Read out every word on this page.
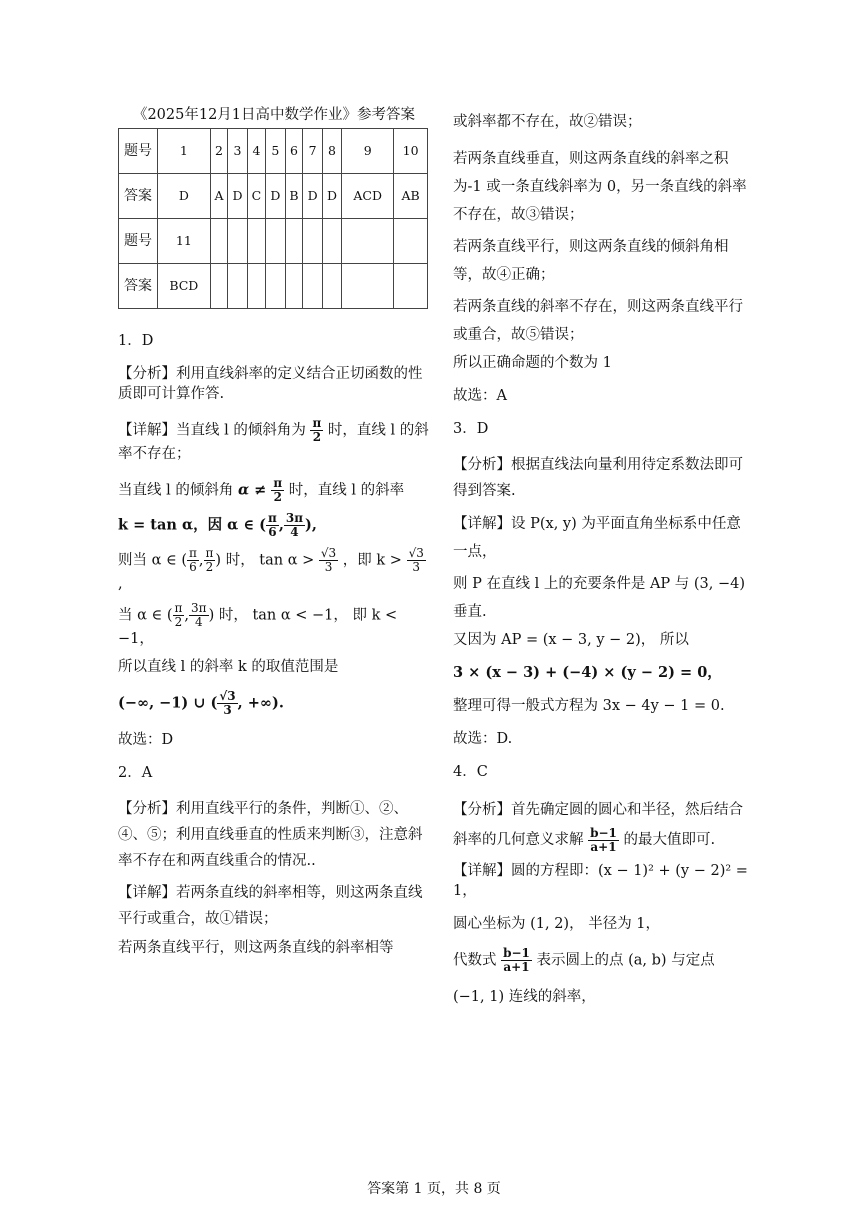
《2025年12月1日高中数学作业》参考答案

题号	1	2	3	4	5	6	7	8	9	10
答案	D	A	D	C	D	B	D	D	ACD	AB
题号	11									
答案	BCD									

1．D

【分析】利用直线斜率的定义结合正切函数的性质即可计算作答.

【详解】当直线 l 的倾斜角为 $\frac{\pi}{2}$ 时，直线 l 的斜率不存在；

当直线 l 的倾斜角 $\alpha \ne \frac{\pi}{2}$ 时，直线 l 的斜率

k = tan α，因 α ∈ ( $\frac{\pi}{6}$ , $\frac{3\pi}{4}$ ),

则当 α ∈ ( $\frac{\pi}{6}$ , $\frac{\pi}{2}$ ) 时， $\tan \alpha > \frac{√3}{3}$ ，即 $k > \frac{√3}{3}$
,

当 α ∈ ( $\frac{\pi}{2}$ , $\frac{3\pi}{4}$ ) 时， tan α < −1， 即 k < −1，

所以直线 l 的斜率 k 的取值范围是

(−∞, −1) ∪ ( $\frac{√3}{3}$ , +∞).

故选：D

2．A

【分析】利用直线平行的条件，判断①、②、④、⑤；利用直线垂直的性质来判断③，注意斜率不存在和两直线重合的情况..

【详解】若两条直线的斜率相等，则这两条直线平行或重合，故①错误；

若两条直线平行，则这两条直线的斜率相等

或斜率都不存在，故②错误；

若两条直线垂直，则这两条直线的斜率之积为-1 或一条直线斜率为 0，另一条直线的斜率不存在，故③错误；

若两条直线平行，则这两条直线的倾斜角相等，故④正确；

若两条直线的斜率不存在，则这两条直线平行或重合，故⑤错误；

所以正确命题的个数为 1

故选：A

3．D

【分析】根据直线法向量利用待定系数法即可得到答案.

【详解】设 P(x, y) 为平面直角坐标系中任意一点，

则 P 在直线 l 上的充要条件是 AP 与 (3, −4) 垂直.

又因为 AP = (x − 3, y − 2)， 所以

3 × (x − 3) + (−4) × (y − 2) = 0，

整理可得一般式方程为 3x − 4y − 1 = 0.

故选：D.

4．C

【分析】首先确定圆的圆心和半径，然后结合斜率的几何意义求解 $\frac{b-1}{a+1}$ 的最大值即可.

【详解】圆的方程即：(x − 1)² + (y − 2)² = 1，

圆心坐标为 (1, 2)， 半径为 1，

代数式 $\frac{b-1}{a+1}$ 表示圆上的点 (a, b) 与定点

(−1, 1) 连线的斜率，

答案第 1 页，共 8 页
